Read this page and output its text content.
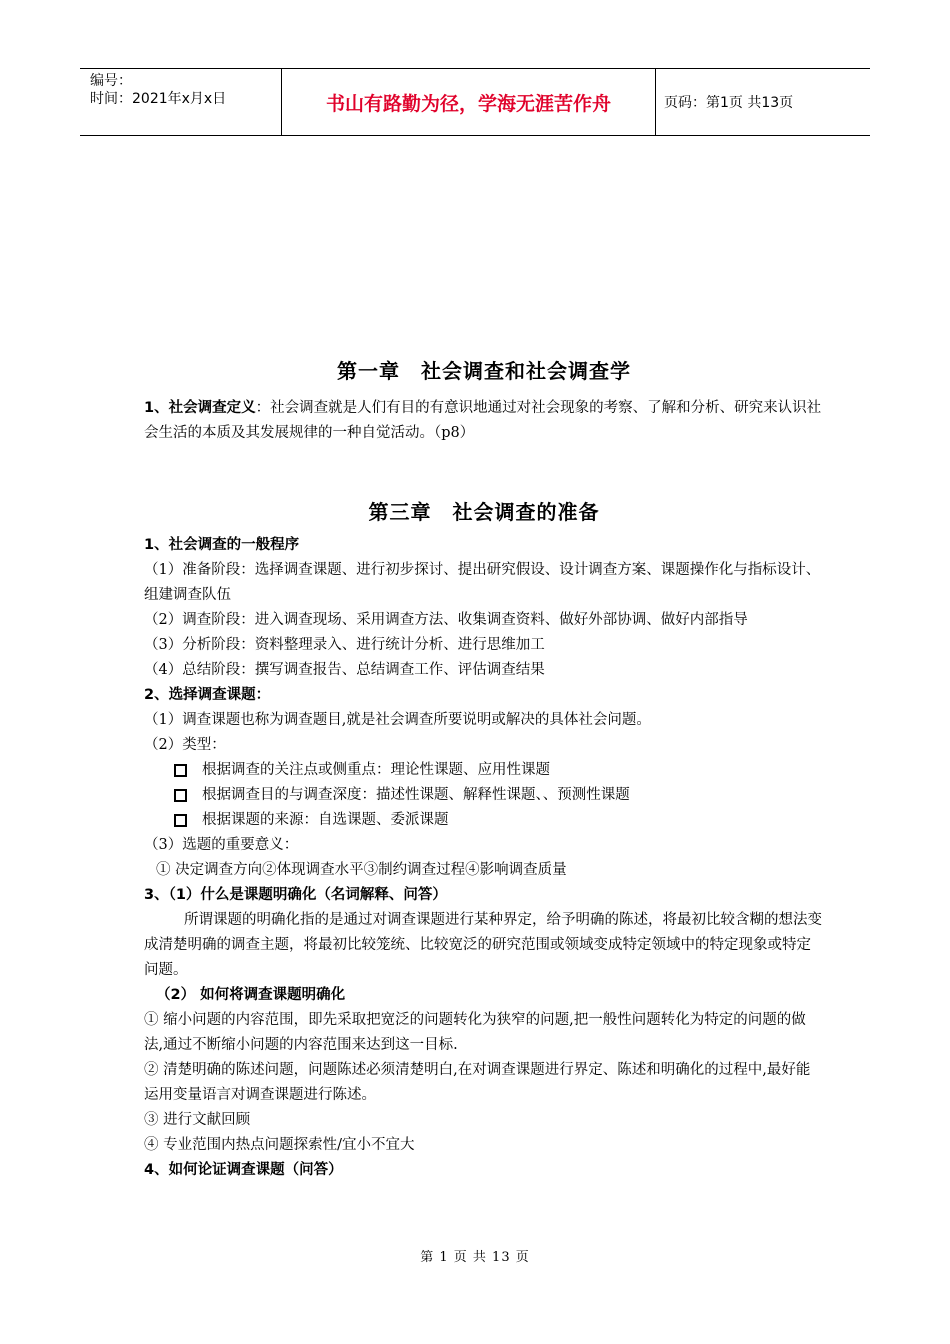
编号：
时间：2021年x月x日	书山有路勤为径，学海无涯苦作舟	页码：第1页 共13页
第一章　社会调查和社会调查学

1、社会调查定义：社会调查就是人们有目的有意识地通过对社会现象的考察、了解和分析、研究来认识社会生活的本质及其发展规律的一种自觉活动。（p8）

第三章　社会调查的准备

1、社会调查的一般程序

（1）准备阶段：选择调查课题、进行初步探讨、提出研究假设、设计调查方案、课题操作化与指标设计、组建调查队伍

（2）调查阶段：进入调查现场、采用调查方法、收集调查资料、做好外部协调、做好内部指导

（3）分析阶段：资料整理录入、进行统计分析、进行思维加工

（4）总结阶段：撰写调查报告、总结调查工作、评估调查结果

2、选择调查课题：

（1）调查课题也称为调查题目,就是社会调查所要说明或解决的具体社会问题。

（2）类型：

根据调查的关注点或侧重点：理论性课题、应用性课题

根据调查目的与调查深度：描述性课题、解释性课题、、预测性课题

根据课题的来源：自选课题、委派课题

（3）选题的重要意义：

① 决定调查方向②体现调查水平③制约调查过程④影响调查质量

3、（1）什么是课题明确化（名词解释、问答）

所谓课题的明确化指的是通过对调查课题进行某种界定，给予明确的陈述，将最初比较含糊的想法变成清楚明确的调查主题，将最初比较笼统、比较宽泛的研究范围或领域变成特定领域中的特定现象或特定问题。

（2） 如何将调查课题明确化

① 缩小问题的内容范围，即先采取把宽泛的问题转化为狭窄的问题,把一般性问题转化为特定的问题的做法,通过不断缩小问题的内容范围来达到这一目标.

② 清楚明确的陈述问题，问题陈述必须清楚明白,在对调查课题进行界定、陈述和明确化的过程中,最好能运用变量语言对调查课题进行陈述。

③ 进行文献回顾

④ 专业范围内热点问题探索性/宜小不宜大

4、如何论证调查课题（问答）

第 1 页 共 13 页
